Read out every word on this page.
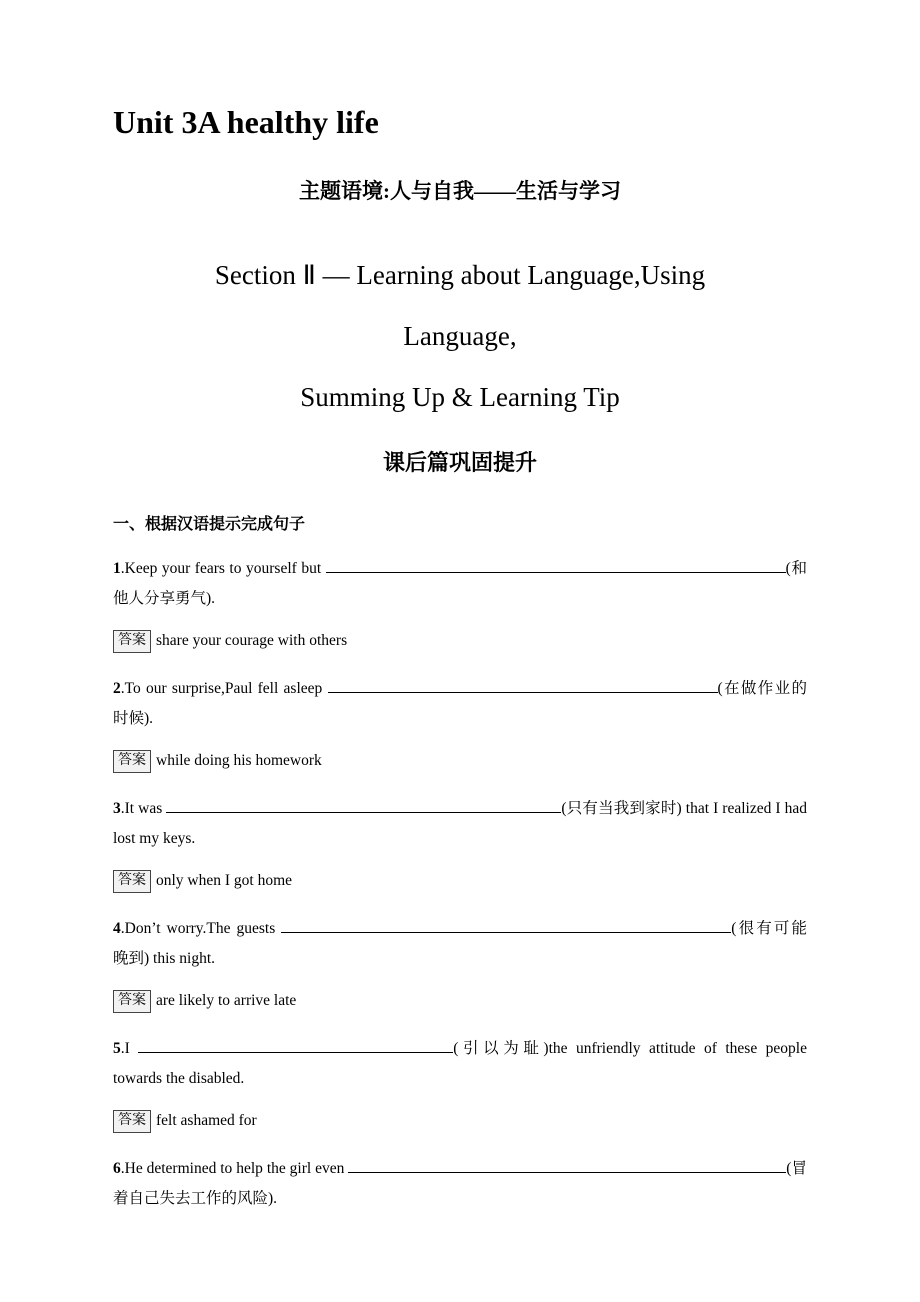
Unit 3A healthy life
主题语境:人与自我——生活与学习
Section Ⅱ — Learning about Language,Using
Language,
Summing Up & Learning Tip
课后篇巩固提升
一、根据汉语提示完成句子

1.Keep your fears to yourself but	(和他人分享勇气).

答案 share your courage with others

2.To our surprise,Paul fell asleep	(在做作业的时候).

答案 while doing his homework

3.It was	(只有当我到家时) that I realized I had lost my keys.

答案 only when I got home

4.Don’t worry.The guests	(很有可能晚到) this night.

答案 are likely to arrive late

5.I	(引以为耻)the unfriendly attitude of these people towards the disabled.

答案 felt ashamed for

6.He determined to help the girl even	(冒着自己失去工作的风险).
